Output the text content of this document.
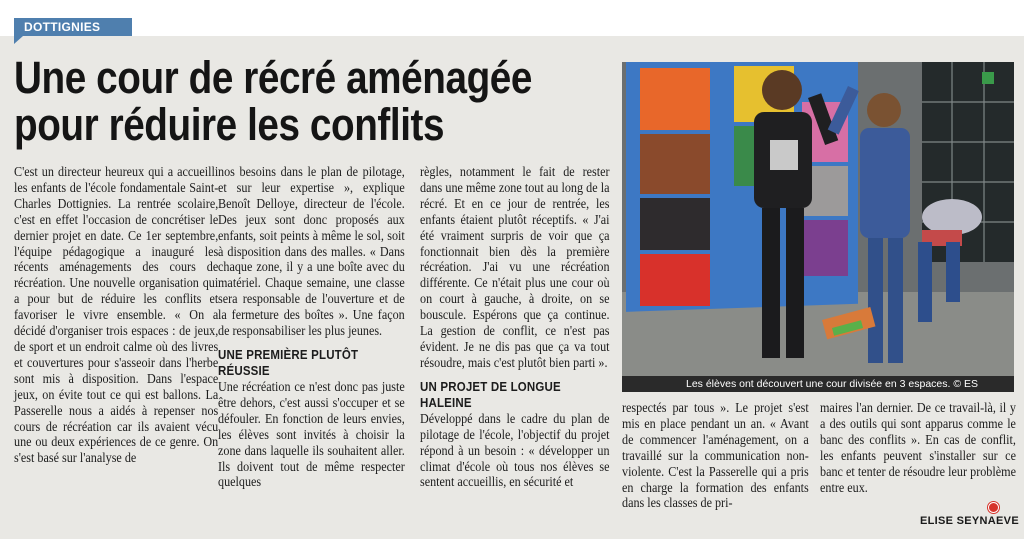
DOTTIGNIES
Une cour de récré aménagée
pour réduire les conflits

C'est un directeur heureux qui a accueilli les enfants de l'école fondamentale Saint-Charles Dottignies. La rentrée scolaire, c'est en effet l'occasion de concrétiser le dernier projet en date. Ce 1er septembre, l'équipe pédagogique a inauguré les récents aménagements des cours de récréation. Une nouvelle organisation qui a pour but de réduire les conflits et favoriser le vivre ensemble. « On a décidé d'organiser trois espaces : de jeux, de sport et un endroit calme où des livres et couvertures pour s'asseoir dans l'herbe sont mis à disposition. Dans l'espace jeux, on évite tout ce qui est ballons. La Passerelle nous a aidés à repenser nos cours de récréation car ils avaient vécu une ou deux expériences de ce genre. On s'est basé sur l'analyse de

nos besoins dans le plan de pilotage, et sur leur expertise », explique Benoît Delloye, directeur de l'école. Des jeux sont donc proposés aux enfants, soit peints à même le sol, soit à disposition dans des malles. « Dans chaque zone, il y a une boîte avec du matériel. Chaque semaine, une classe sera responsable de l'ouverture et de la fermeture des boîtes ». Une façon de responsabiliser les plus jeunes.

UNE PREMIÈRE PLUTÔT RÉUSSIE

Une récréation ce n'est donc pas juste être dehors, c'est aussi s'occuper et se défouler. En fonction de leurs envies, les élèves sont invités à choisir la zone dans laquelle ils souhaitent aller. Ils doivent tout de même respecter quelques

règles, notamment le fait de rester dans une même zone tout au long de la récré. Et en ce jour de rentrée, les enfants étaient plutôt réceptifs. « J'ai été vraiment surpris de voir que ça fonctionnait bien dès la première récréation. J'ai vu une récréation différente. Ce n'était plus une cour où on court à gauche, à droite, on se bouscule. Espérons que ça continue. La gestion de conflit, ce n'est pas évident. Je ne dis pas que ça va tout résoudre, mais c'est plutôt bien parti ».

UN PROJET DE LONGUE HALEINE

Développé dans le cadre du plan de pilotage de l'école, l'objectif du projet répond à un besoin : « développer un climat d'école où tous nos élèves se sentent accueillis, en sécurité et

Les élèves ont découvert une cour divisée en 3 espaces. © ES

respectés par tous ». Le projet s'est mis en place pendant un an. « Avant de commencer l'aménagement, on a travaillé sur la communication non-violente. C'est la Passerelle qui a pris en charge la formation des enfants dans les classes de pri-

maires l'an dernier. De ce travail-là, il y a des outils qui sont apparus comme le banc des conflits ». En cas de conflit, les enfants peuvent s'installer sur ce banc et tenter de résoudre leur problème entre eux.

ELISE SEYNAEVE
